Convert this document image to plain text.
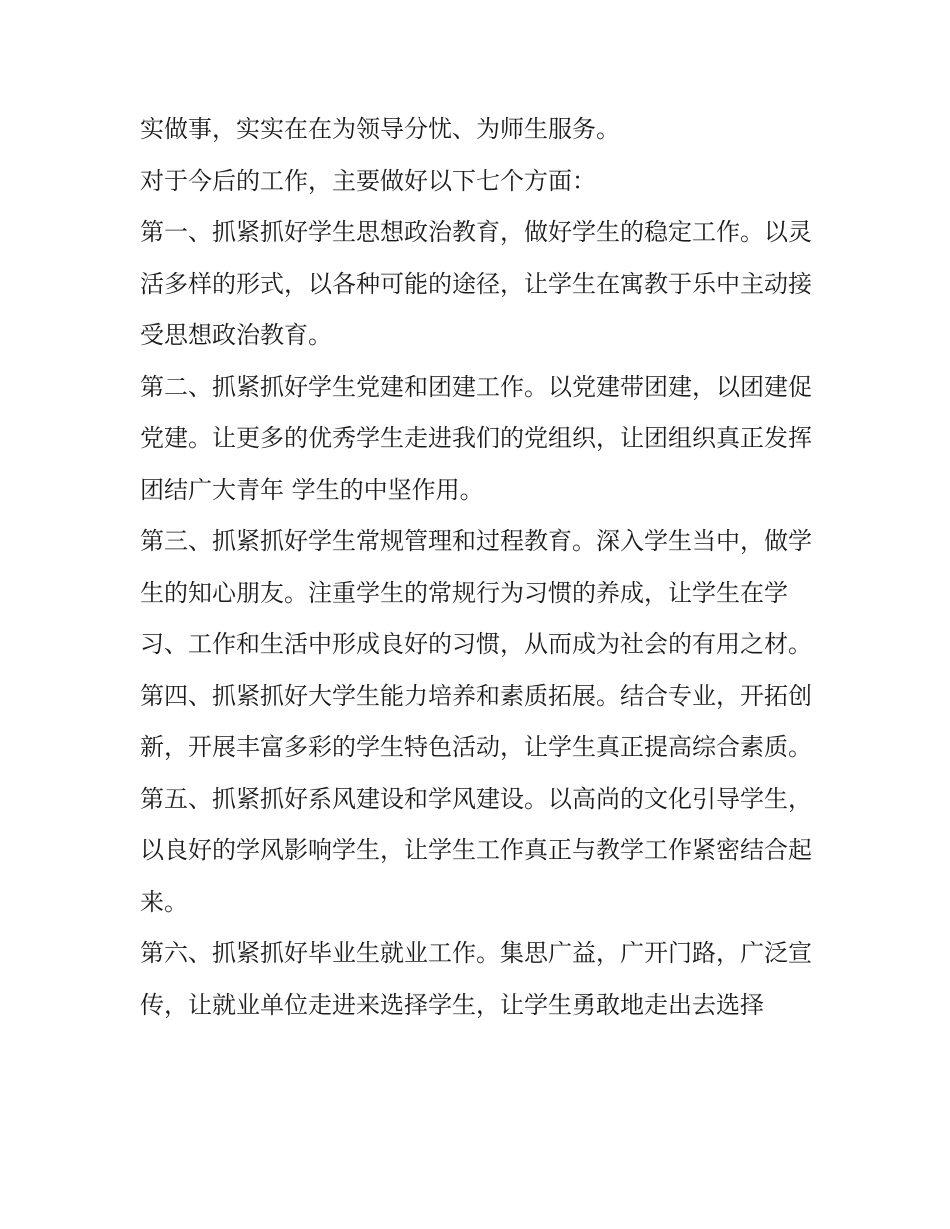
实做事，实实在在为领导分忧、为师生服务。

对于今后的工作，主要做好以下七个方面：

第一、抓紧抓好学生思想政治教育，做好学生的稳定工作。以灵活多样的形式，以各种可能的途径，让学生在寓教于乐中主动接受思想政治教育。

第二、抓紧抓好学生党建和团建工作。以党建带团建，以团建促党建。让更多的优秀学生走进我们的党组织，让团组织真正发挥团结广大青年 学生的中坚作用。

第三、抓紧抓好学生常规管理和过程教育。深入学生当中，做学生的知心朋友。注重学生的常规行为习惯的养成，让学生在学习、工作和生活中形成良好的习惯，从而成为社会的有用之材。

第四、抓紧抓好大学生能力培养和素质拓展。结合专业，开拓创新，开展丰富多彩的学生特色活动，让学生真正提高综合素质。

第五、抓紧抓好系风建设和学风建设。以高尚的文化引导学生，以良好的学风影响学生，让学生工作真正与教学工作紧密结合起来。

第六、抓紧抓好毕业生就业工作。集思广益，广开门路，广泛宣传，让就业单位走进来选择学生，让学生勇敢地走出去选择
